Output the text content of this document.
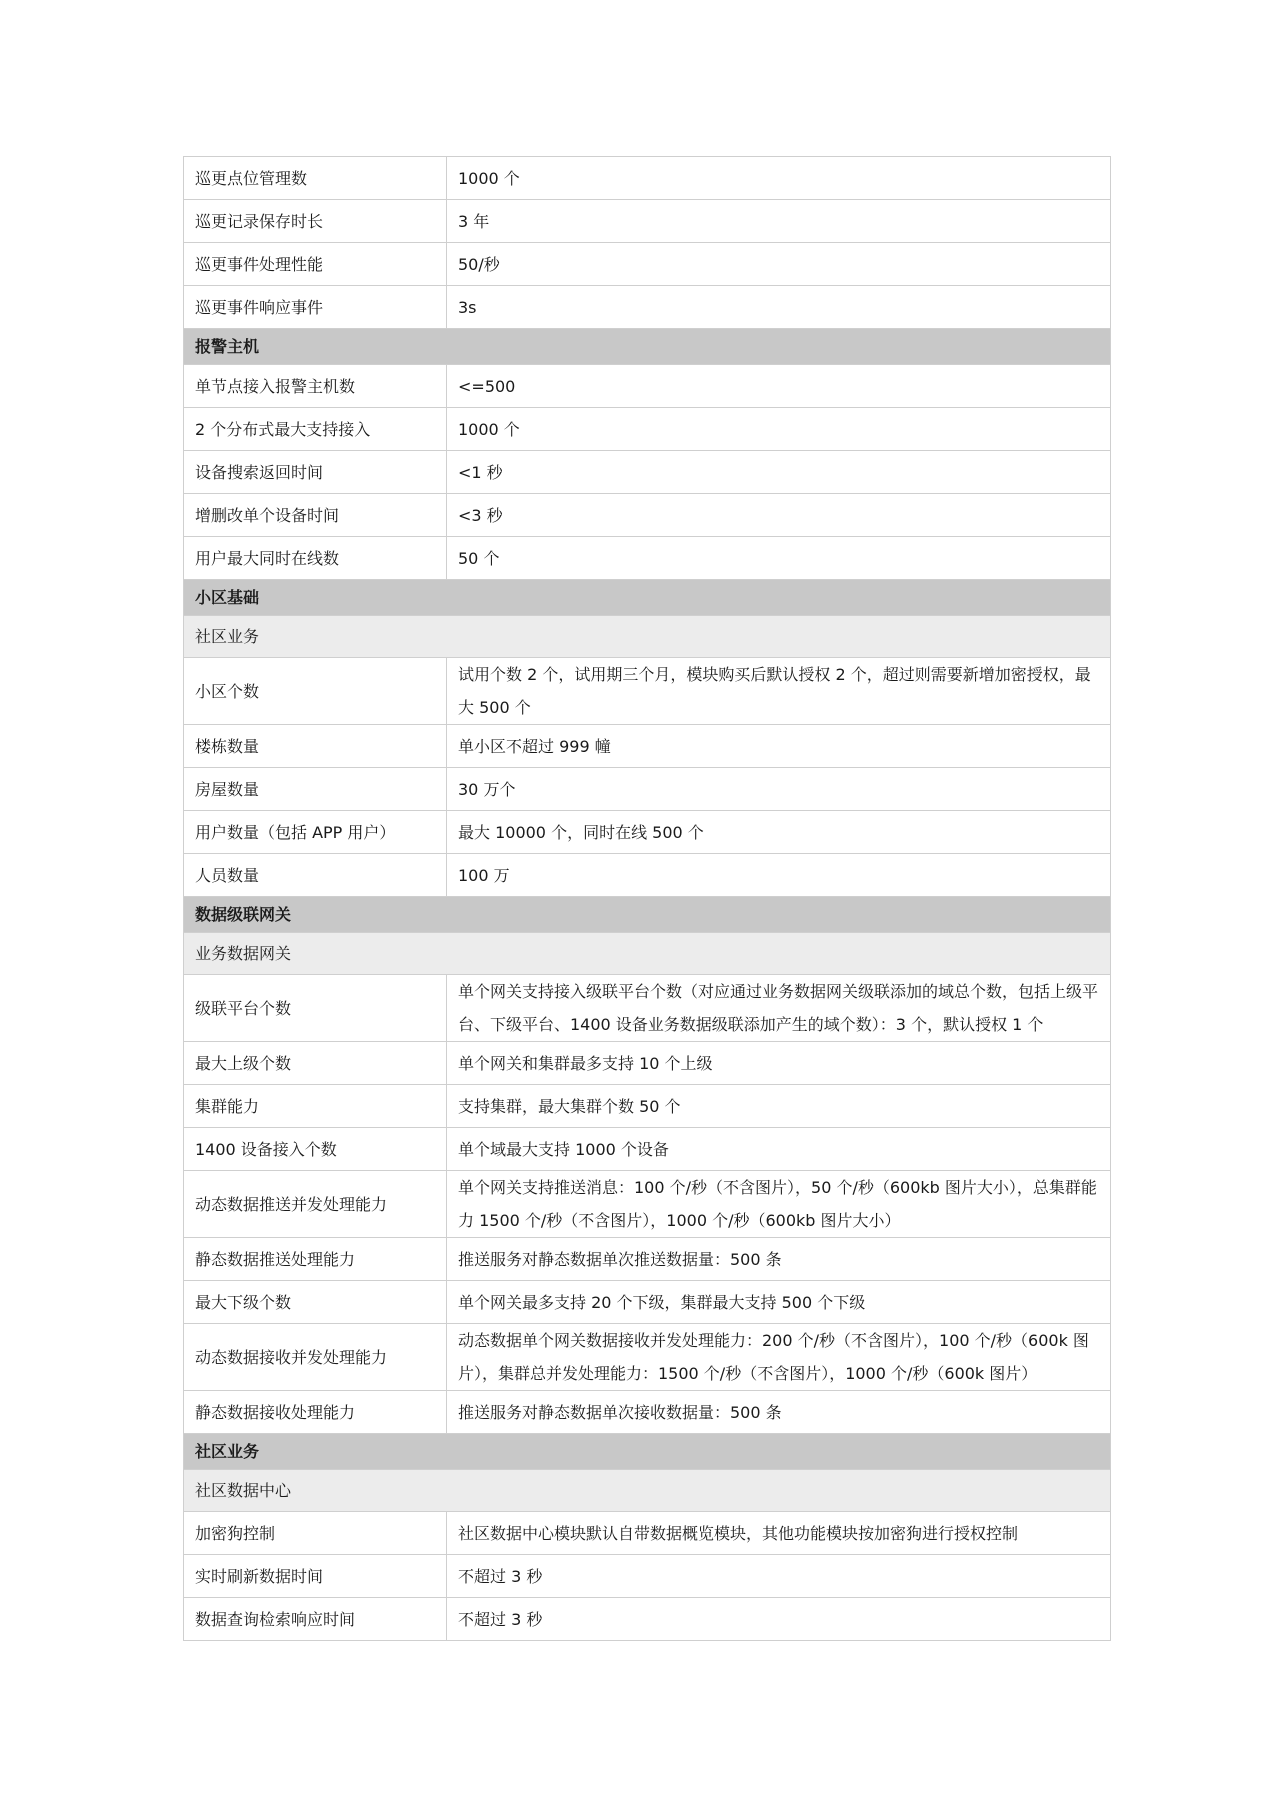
巡更点位管理数	1000 个
巡更记录保存时长	3 年
巡更事件处理性能	50/秒
巡更事件响应事件	3s
报警主机	
单节点接入报警主机数	<=500
2 个分布式最大支持接入	1000 个
设备搜索返回时间	<1 秒
增删改单个设备时间	<3 秒
用户最大同时在线数	50 个
小区基础	
社区业务	
小区个数	试用个数 2 个，试用期三个月，模块购买后默认授权 2 个，超过则需要新增加密授权，最大 500 个
楼栋数量	单小区不超过 999 幢
房屋数量	30 万个
用户数量（包括 APP 用户）	最大 10000 个，同时在线 500 个
人员数量	100 万
数据级联网关	
业务数据网关	
级联平台个数	单个网关支持接入级联平台个数（对应通过业务数据网关级联添加的域总个数，包括上级平台、下级平台、1400 设备业务数据级联添加产生的域个数）：3 个，默认授权 1 个
最大上级个数	单个网关和集群最多支持 10 个上级
集群能力	支持集群，最大集群个数 50 个
1400 设备接入个数	单个域最大支持 1000 个设备
动态数据推送并发处理能力	单个网关支持推送消息：100 个/秒（不含图片），50 个/秒（600kb 图片大小），总集群能力 1500 个/秒（不含图片），1000 个/秒（600kb 图片大小）
静态数据推送处理能力	推送服务对静态数据单次推送数据量：500 条
最大下级个数	单个网关最多支持 20 个下级，集群最大支持 500 个下级
动态数据接收并发处理能力	动态数据单个网关数据接收并发处理能力：200 个/秒（不含图片），100 个/秒（600k 图片），集群总并发处理能力：1500 个/秒（不含图片），1000 个/秒（600k 图片）
静态数据接收处理能力	推送服务对静态数据单次接收数据量：500 条
社区业务	
社区数据中心	
加密狗控制	社区数据中心模块默认自带数据概览模块，其他功能模块按加密狗进行授权控制
实时刷新数据时间	不超过 3 秒
数据查询检索响应时间	不超过 3 秒
